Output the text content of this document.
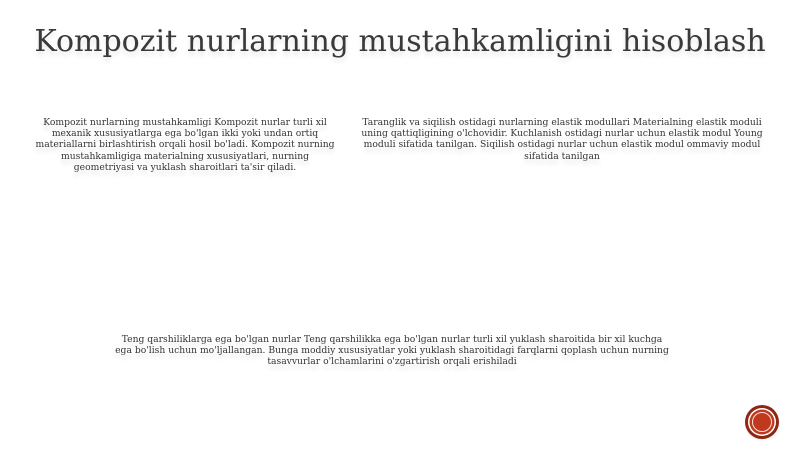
Kompozit nurlarning mustahkamligini hisoblash
Kompozit nurlarning mustahkamligi Kompozit nurlar turli xil mexanik xususiyatlarga ega bo'lgan ikki yoki undan ortiq materiallarni birlashtirish orqali hosil bo'ladi. Kompozit nurning mustahkamligiga materialning xususiyatlari, nurning geometriyasi va yuklash sharoitlari ta'sir qiladi.
Taranglik va siqilish ostidagi nurlarning elastik modullari Materialning elastik moduli uning qattiqligining o'lchovidir. Kuchlanish ostidagi nurlar uchun elastik modul Young moduli sifatida tanilgan. Siqilish ostidagi nurlar uchun elastik modul ommaviy modul sifatida tanilgan
Teng qarshiliklarga ega bo'lgan nurlar Teng qarshilikka ega bo'lgan nurlar turli xil yuklash sharoitida bir xil kuchga ega bo'lish uchun mo'ljallangan. Bunga moddiy xususiyatlar yoki yuklash sharoitidagi farqlarni qoplash uchun nurning tasavvurlar o'lchamlarini o'zgartirish orqali erishiladi
